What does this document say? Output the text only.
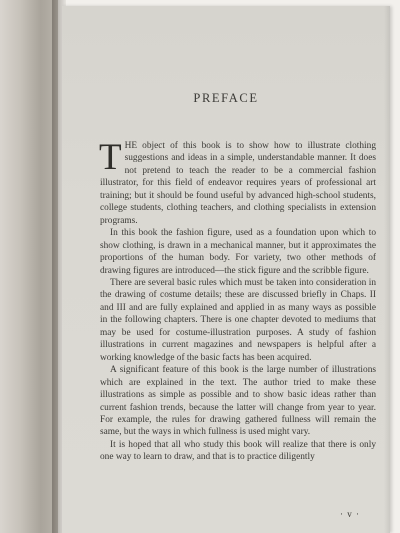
PREFACE

THE object of this book is to show how to illustrate clothing suggestions and ideas in a simple, understandable manner. It does not pretend to teach the reader to be a commercial fashion illustrator, for this field of endeavor requires years of professional art training; but it should be found useful by advanced high-school students, college students, clothing teachers, and clothing specialists in extension programs.

In this book the fashion figure, used as a foundation upon which to show clothing, is drawn in a mechanical manner, but it approximates the proportions of the human body. For variety, two other methods of drawing figures are introduced—the stick figure and the scribble figure.

There are several basic rules which must be taken into consideration in the drawing of costume details; these are discussed briefly in Chaps. II and III and are fully explained and applied in as many ways as possible in the following chapters. There is one chapter devoted to mediums that may be used for costume-illustration purposes. A study of fashion illustrations in current magazines and newspapers is helpful after a working knowledge of the basic facts has been acquired.

A significant feature of this book is the large number of illustrations which are explained in the text. The author tried to make these illustrations as simple as possible and to show basic ideas rather than current fashion trends, because the latter will change from year to year. For example, the rules for drawing gathered fullness will remain the same, but the ways in which fullness is used might vary.

It is hoped that all who study this book will realize that there is only one way to learn to draw, and that is to practice diligently

· v ·
